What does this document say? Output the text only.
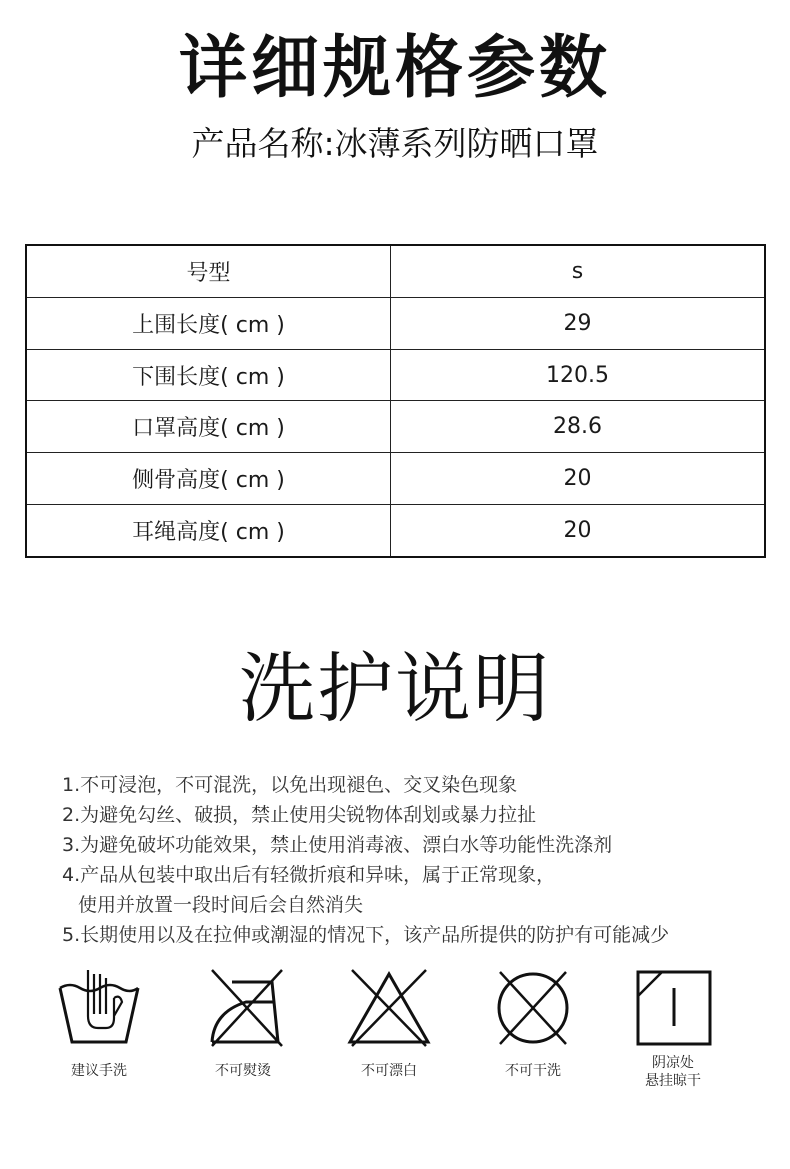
详细规格参数
产品名称:冰薄系列防晒口罩
号型	s
上围长度( cm )	29
下围长度( cm )	120.5
口罩高度( cm )	28.6
侧骨高度( cm )	20
耳绳高度( cm )	20
洗护说明
1.不可浸泡，不可混洗，以免出现褪色、交叉染色现象
2.为避免勾丝、破损，禁止使用尖锐物体刮划或暴力拉扯
3.为避免破坏功能效果，禁止使用消毒液、漂白水等功能性洗涤剂
4.产品从包装中取出后有轻微折痕和异味，属于正常现象，
使用并放置一段时间后会自然消失
5.长期使用以及在拉伸或潮湿的情况下，该产品所提供的防护有可能减少
建议手洗	不可熨烫	不可漂白	不可干洗	阴凉处
悬挂晾干
